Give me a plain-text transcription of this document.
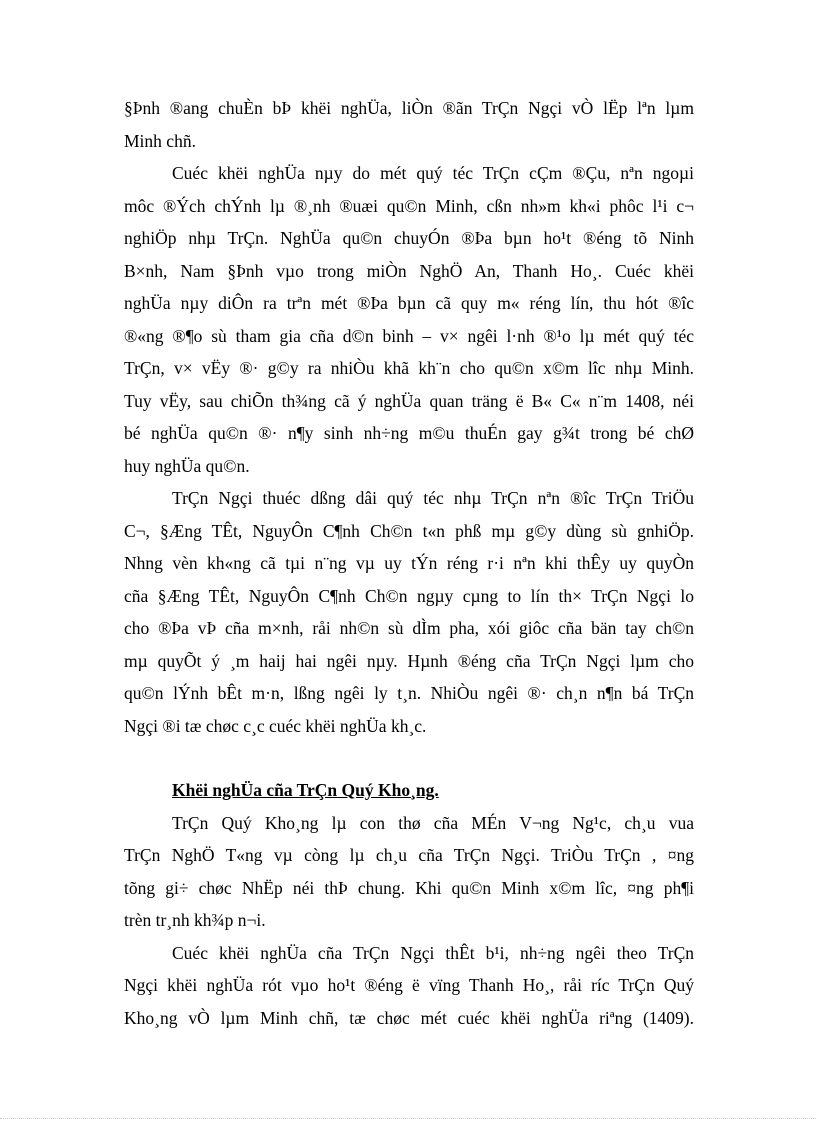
§Þnh ®ang chuÈn bÞ khëi nghÜa, liÒn ®ãn TrÇn Ngçi vÒ lËp lªn lµm
Minh chñ.
Cuéc khëi nghÜa nµy do mét quý téc TrÇn cÇm ®Çu, nªn ngoµi
môc ®Ých chÝnh lµ ®¸nh ®uæi qu©n Minh, cßn nh»m kh«i phôc l¹i c¬
nghiÖp nhµ TrÇn. NghÜa qu©n chuyÓn ®Þa bµn ho¹t ®éng tõ Ninh
B×nh, Nam §Þnh vµo trong miÒn NghÖ An, Thanh Ho¸. Cuéc khëi
nghÜa nµy diÔn ra trªn mét ®Þa bµn cã quy m« réng lín, thu hót ®îc
®«ng ®¶o sù tham gia cña d©n binh – v× ngêi l·nh ®¹o lµ mét quý téc
TrÇn, v× vËy ®· g©y ra nhiÒu khã kh¨n cho qu©n x©m lîc nhµ Minh.
Tuy vËy, sau chiÕn th¾ng cã ý nghÜa quan träng ë B« C« n¨m 1408, néi
bé nghÜa qu©n ®· n¶y sinh nh÷ng m©u thuÉn gay g¾t trong bé chØ
huy nghÜa qu©n.
TrÇn Ngçi thuéc dßng dâi quý téc nhµ TrÇn nªn ®îc TrÇn TriÖu
C¬, §Æng TÊt, NguyÔn C¶nh Ch©n t«n phß mµ g©y dùng sù gnhiÖp.
Nhng vèn kh«ng cã tµi n¨ng vµ uy tÝn réng r·i nªn khi thÊy uy quyÒn
cña §Æng TÊt, NguyÔn C¶nh Ch©n ngµy cµng to lín th× TrÇn Ngçi lo
cho ®Þa vÞ cña m×nh, råi nh©n sù dÌm pha, xói giôc cña bän tay ch©n
mµ quyÕt ý ¸m haij hai ngêi nµy. Hµnh ®éng cña TrÇn Ngçi lµm cho
qu©n lÝnh bÊt m·n, lßng ngêi ly t¸n. NhiÒu ngêi ®· ch¸n n¶n bá TrÇn
Ngçi ®i tæ chøc c¸c cuéc khëi nghÜa kh¸c.
Khëi nghÜa cña TrÇn Quý Kho¸ng.
TrÇn Quý Kho¸ng lµ con thø cña MÉn V¬ng Ng¹c, ch¸u vua
TrÇn NghÖ T«ng vµ còng lµ ch¸u cña TrÇn Ngçi. TriÒu TrÇn , ¤ng
tõng gi÷ chøc NhËp néi thÞ chung. Khi qu©n Minh x©m lîc, ¤ng ph¶i
trèn tr¸nh kh¾p n¬i.
Cuéc khëi nghÜa cña TrÇn Ngçi thÊt b¹i, nh÷ng ngêi theo TrÇn
Ngçi khëi nghÜa rót vµo ho¹t ®éng ë vïng Thanh Ho¸, råi ríc TrÇn Quý
Kho¸ng vÒ lµm Minh chñ, tæ chøc mét cuéc khëi nghÜa riªng (1409).
